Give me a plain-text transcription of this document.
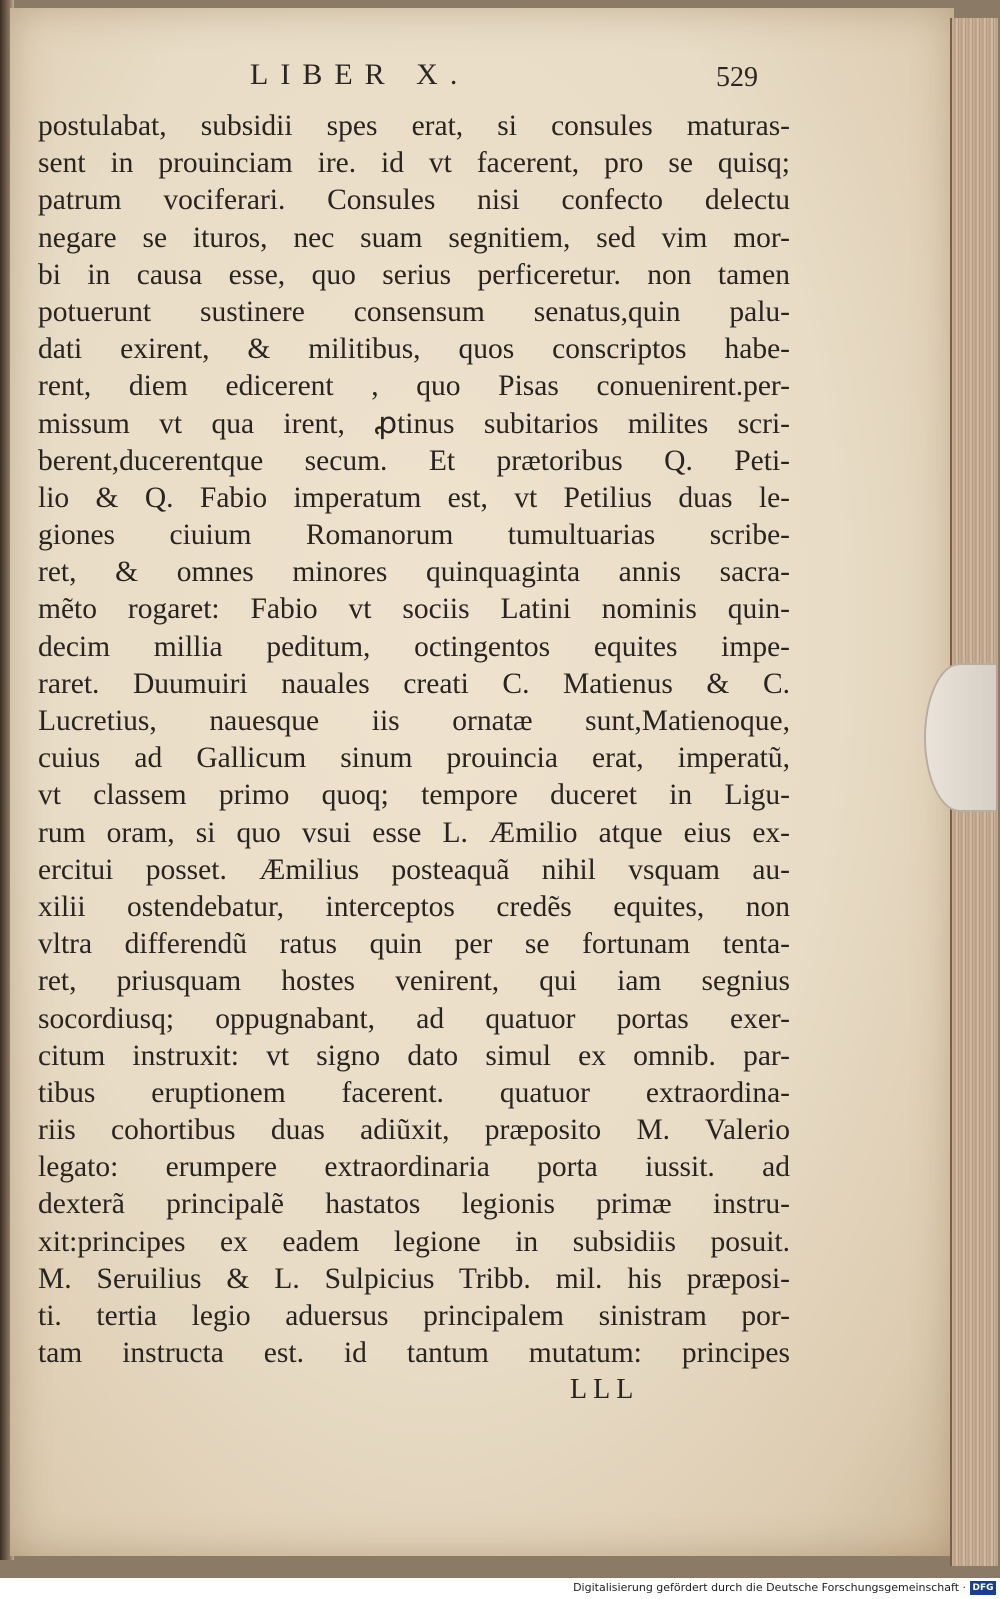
LIBER X.	529
postulabat, subsidii spes erat, si consules maturas-
sent in prouinciam ire. id vt facerent, pro se quisq;
patrum vociferari. Consules nisi confecto delectu
negare se ituros, nec suam segnitiem, sed vim mor-
bi in causa esse, quo serius perficeretur. non tamen
potuerunt sustinere consensum senatus,quin palu-
dati exirent, & militibus, quos conscriptos habe-
rent, diem edicerent , quo Pisas conuenirent.per-
missum vt qua irent, ꝓtinus subitarios milites scri-
berent,ducerentque secum. Et prætoribus Q. Peti-
lio & Q. Fabio imperatum est, vt Petilius duas le-
giones ciuium Romanorum tumultuarias scribe-
ret, & omnes minores quinquaginta annis sacra-
mẽto rogaret: Fabio vt sociis Latini nominis quin-
decim millia peditum, octingentos equites impe-
raret. Duumuiri nauales creati C. Matienus & C.
Lucretius, nauesque iis ornatæ sunt,Matienoque,
cuius ad Gallicum sinum prouincia erat, imperatũ,
vt classem primo quoq; tempore duceret in Ligu-
rum oram, si quo vsui esse L. Æmilio atque eius ex-
ercitui posset. Æmilius posteaquã nihil vsquam au-
xilii ostendebatur, interceptos credẽs equites, non
vltra differendũ ratus quin per se fortunam tenta-
ret, priusquam hostes venirent, qui iam segnius
socordiusq; oppugnabant, ad quatuor portas exer-
citum instruxit: vt signo dato simul ex omnib. par-
tibus eruptionem facerent. quatuor extraordina-
riis cohortibus duas adiũxit, præposito M. Valerio
legato: erumpere extraordinaria porta iussit. ad
dexterã principalẽ hastatos legionis primæ instru-
xit:principes ex eadem legione in subsidiis posuit.
M. Seruilius & L. Sulpicius Tribb. mil. his præposi-
ti. tertia legio aduersus principalem sinistram por-
tam instructa est. id tantum mutatum: principes
LLL
Digitalisierung gefördert durch die Deutsche Forschungsgemeinschaft · DFG
